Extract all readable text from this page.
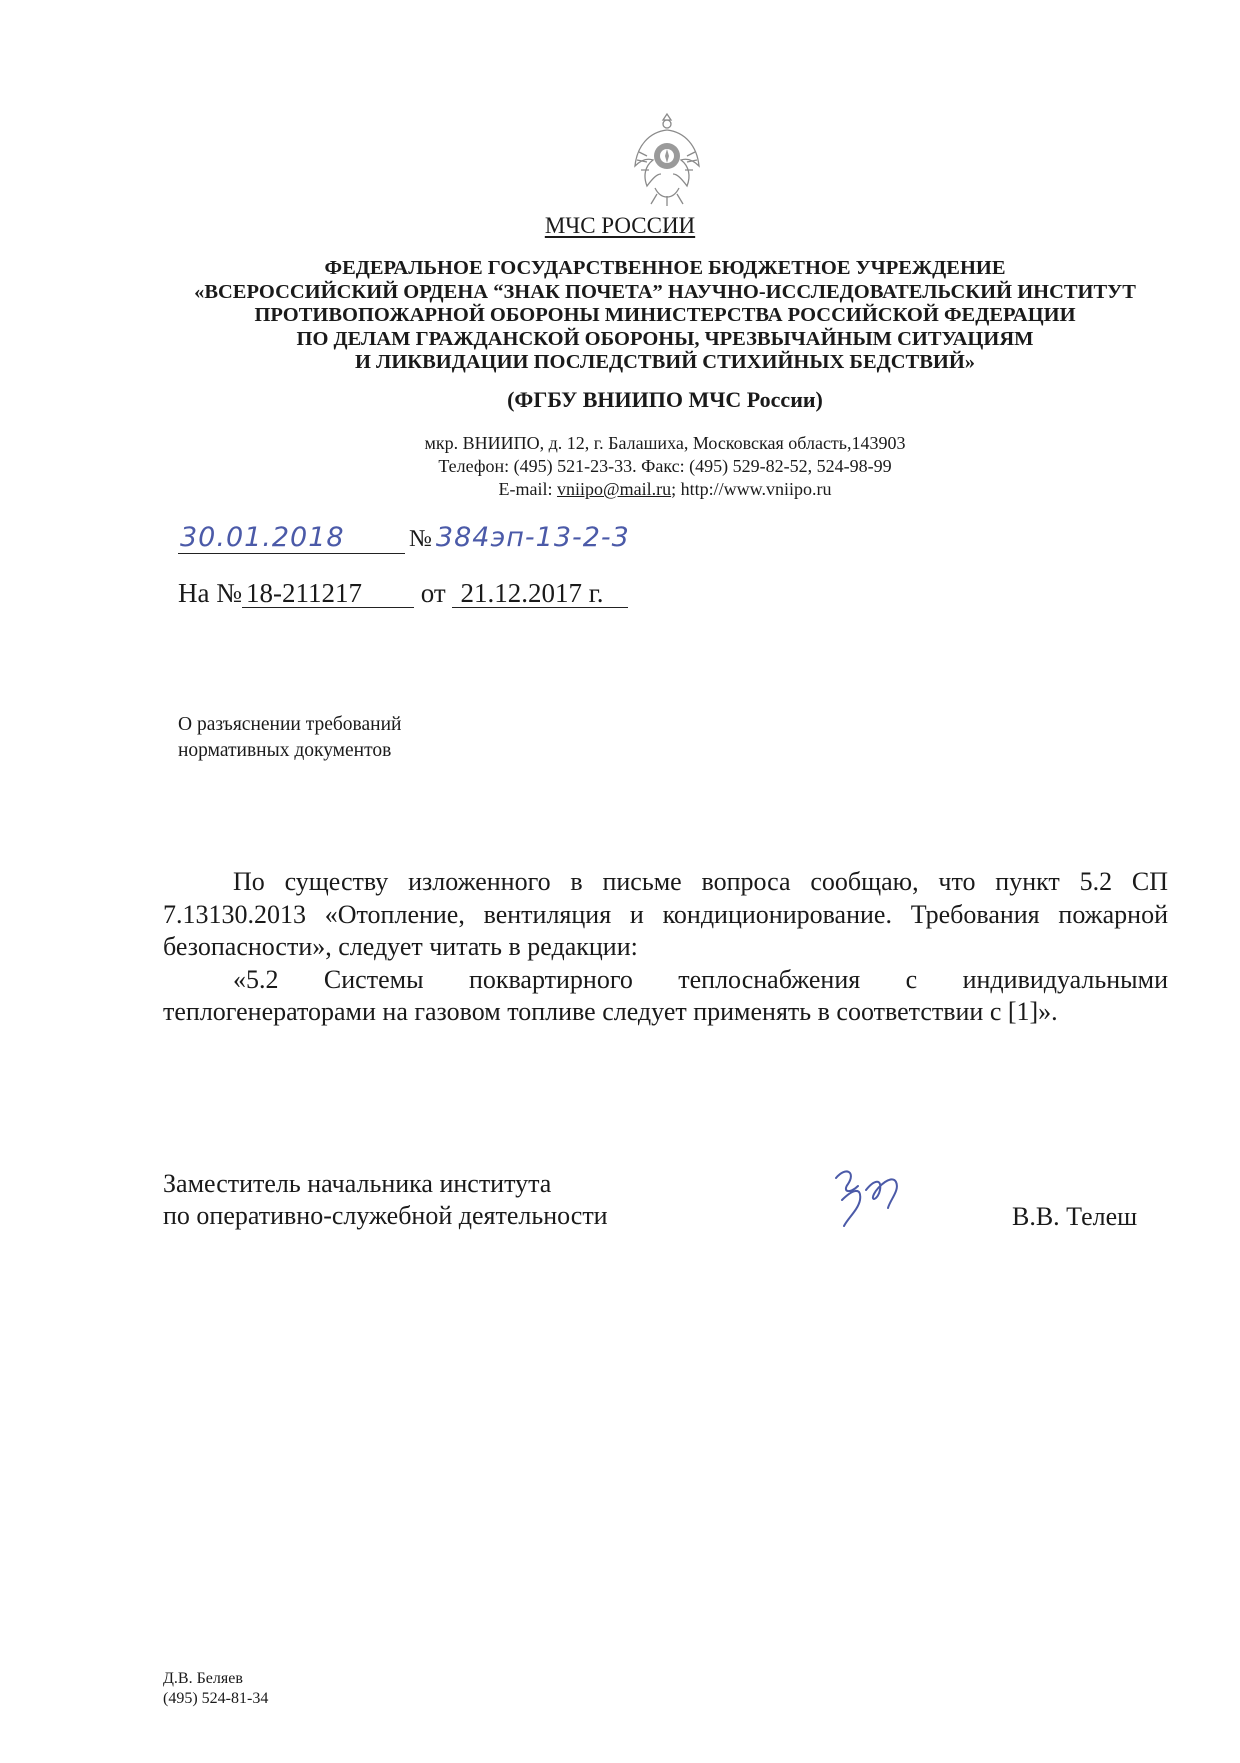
МЧС РОССИИ
ФЕДЕРАЛЬНОЕ ГОСУДАРСТВЕННОЕ БЮДЖЕТНОЕ УЧРЕЖДЕНИЕ
«ВСЕРОССИЙСКИЙ ОРДЕНА “ЗНАК ПОЧЕТА” НАУЧНО-ИССЛЕДОВАТЕЛЬСКИЙ ИНСТИТУТ
ПРОТИВОПОЖАРНОЙ ОБОРОНЫ МИНИСТЕРСТВА РОССИЙСКОЙ ФЕДЕРАЦИИ
ПО ДЕЛАМ ГРАЖДАНСКОЙ ОБОРОНЫ, ЧРЕЗВЫЧАЙНЫМ СИТУАЦИЯМ
И ЛИКВИДАЦИИ ПОСЛЕДСТВИЙ СТИХИЙНЫХ БЕДСТВИЙ»
(ФГБУ ВНИИПО МЧС России)
мкр. ВНИИПО, д. 12, г. Балашиха, Московская область,143903
Телефон: (495) 521-23-33. Факс: (495) 529-82-52, 524-98-99
E-mail: vniipo@mail.ru; http://www.vniipo.ru
30.01.2018	№ 384эп-13-2-3
На № 18-211217 от 21.12.2017 г.
О разъяснении требований
нормативных документов

По существу изложенного в письме вопроса сообщаю, что пункт 5.2 СП 7.13130.2013 «Отопление, вентиляция и кондиционирование. Требования пожарной безопасности», следует читать в редакции:

«5.2 Системы поквартирного теплоснабжения с индивидуальными теплогенераторами на газовом топливе следует применять в соответствии с [1]».

Заместитель начальника института
по оперативно-служебной деятельности	В.В. Телеш
Д.В. Беляев
(495) 524-81-34
